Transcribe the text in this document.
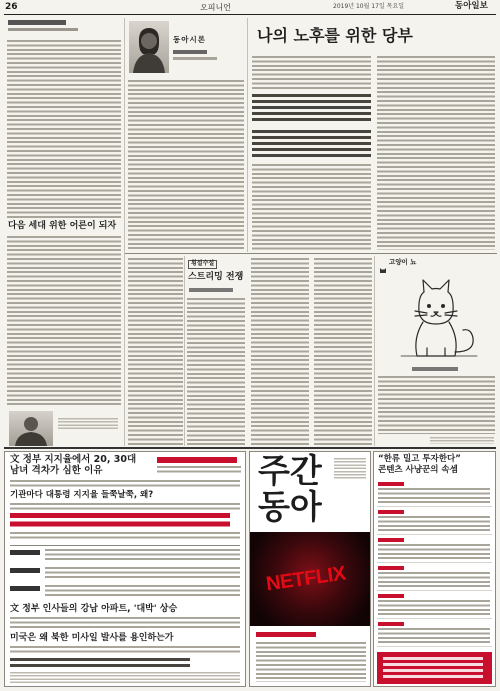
26	오피니언	2019년 10월 17일 목요일	동아일보
다음 세대 위한 어른이 되자
동아시론	나의 노후를 위한 당부
횡설수설
스트리밍 전쟁
고양이 뇨
文 정부 지지율에서 20, 30대
남녀 격차가 심한 이유
기관마다 대통령 지지율 들쭉날쭉, 왜?
文 정부 인사들의 강남 아파트, '대박' 상승
미국은 왜 북한 미사일 발사를 용인하는가
주간
동아
NETFLIX
“한류 밀고 투자한다”
콘텐츠 사냥꾼의 속셈
